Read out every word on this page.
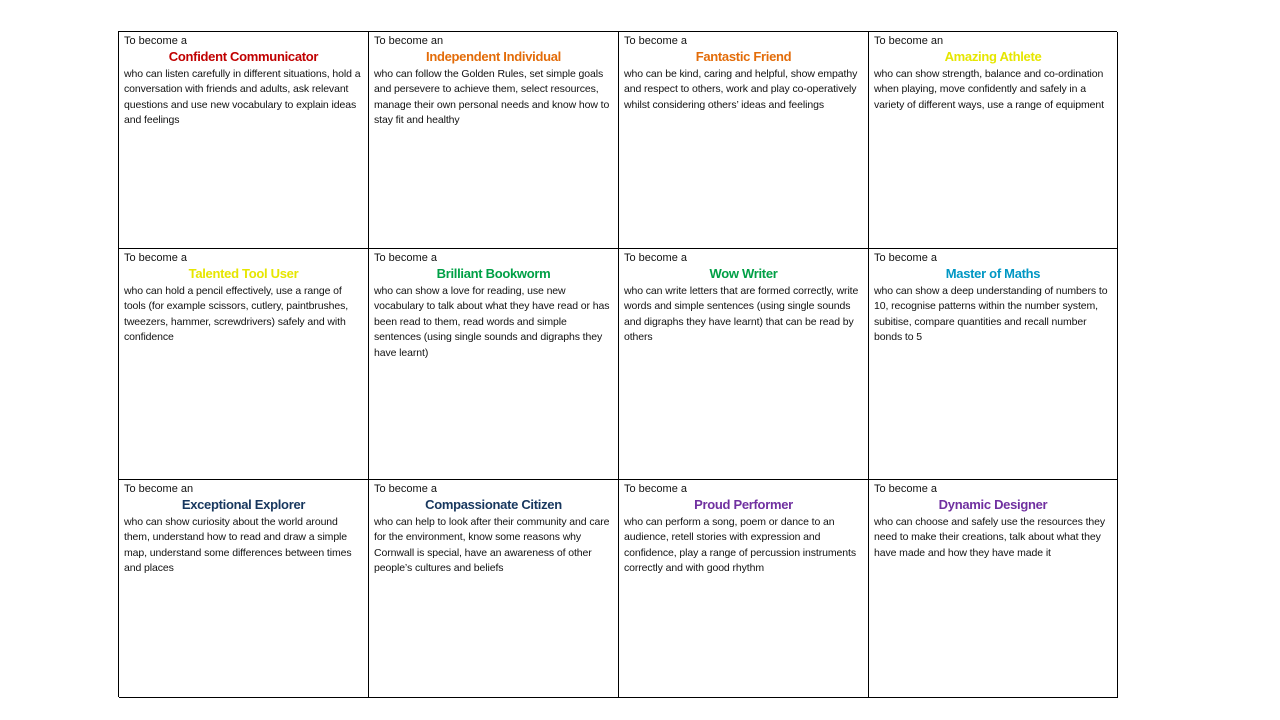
To become a
Confident Communicator
who can listen carefully in different situations, hold a conversation with friends and adults, ask relevant questions and use new vocabulary to explain ideas and feelings
To become an
Independent Individual
who can follow the Golden Rules, set simple goals and persevere to achieve them, select resources, manage their own personal needs and know how to stay fit and healthy
To become a
Fantastic Friend
who can be kind, caring and helpful, show empathy and respect to others, work and play co-operatively whilst considering others’ ideas and feelings
To become an
Amazing Athlete
who can show strength, balance and co-ordination when playing, move confidently and safely in a variety of different ways, use a range of equipment
To become a
Talented Tool User
who can hold a pencil effectively, use a range of tools (for example scissors, cutlery, paintbrushes, tweezers, hammer, screwdrivers) safely and with confidence
To become a
Brilliant Bookworm
who can show a love for reading, use new vocabulary to talk about what they have read or has been read to them, read words and simple sentences (using single sounds and digraphs they have learnt)
To become a
Wow Writer
who can write letters that are formed correctly, write words and simple sentences (using single sounds and digraphs they have learnt) that can be read by others
To become a
Master of Maths
who can show a deep understanding of numbers to 10, recognise patterns within the number system, subitise, compare quantities and recall number bonds to 5
To become an
Exceptional Explorer
who can show curiosity about the world around them, understand how to read and draw a simple map, understand some differences between times and places
To become a
Compassionate Citizen
who can help to look after their community and care for the environment, know some reasons why Cornwall is special, have an awareness of other people’s cultures and beliefs
To become a
Proud Performer
who can perform a song, poem or dance to an audience, retell stories with expression and confidence, play a range of percussion instruments correctly and with good rhythm
To become a
Dynamic Designer
who can choose and safely use the resources they need to make their creations, talk about what they have made and how they have made it
